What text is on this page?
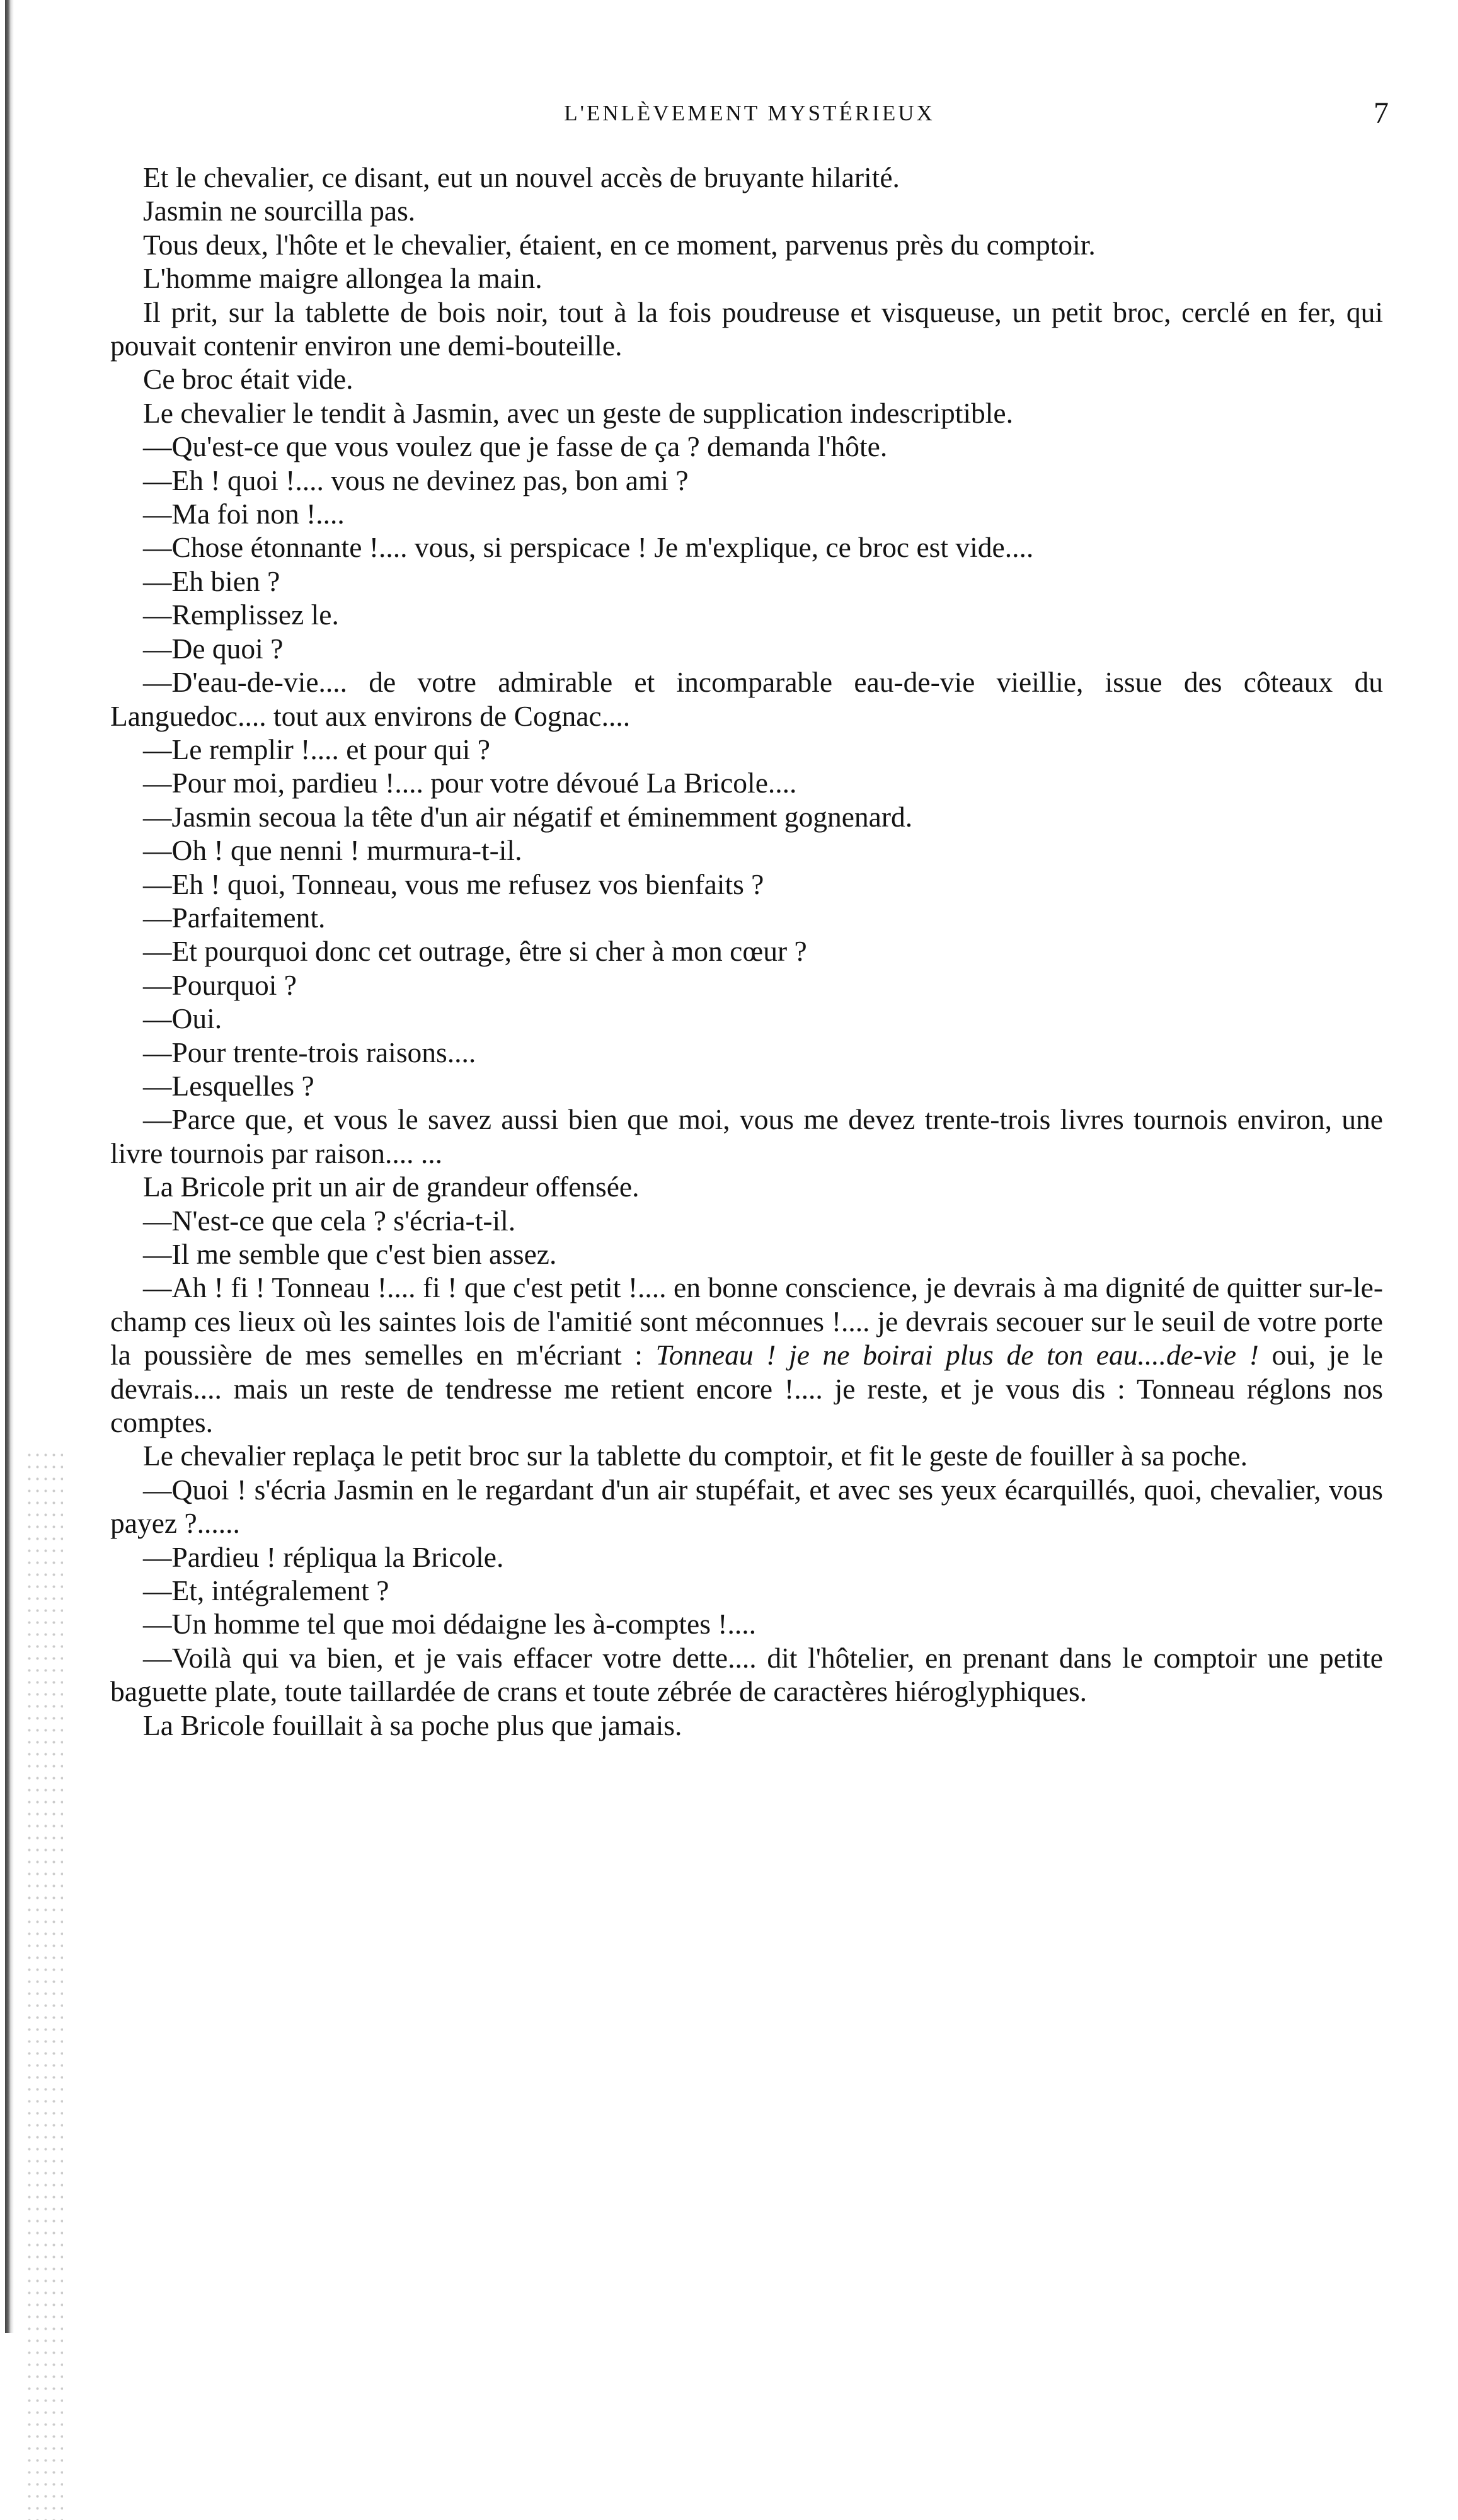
L'ENLÈVEMENT MYSTÉRIEUX	7

Et le chevalier, ce disant, eut un nouvel accès de bruyante hilarité.

Jasmin ne sourcilla pas.

Tous deux, l'hôte et le chevalier, étaient, en ce moment, parvenus près du comptoir.

L'homme maigre allongea la main.

Il prit, sur la tablette de bois noir, tout à la fois poudreuse et visqueuse, un petit broc, cerclé en fer, qui pouvait contenir environ une demi-bouteille.

Ce broc était vide.

Le chevalier le tendit à Jasmin, avec un geste de supplication indescriptible.

—Qu'est-ce que vous voulez que je fasse de ça ? demanda l'hôte.

—Eh ! quoi !.... vous ne devinez pas, bon ami ?

—Ma foi non !....

—Chose étonnante !.... vous, si perspicace ! Je m'explique, ce broc est vide....

—Eh bien ?

—Remplissez le.

—De quoi ?

—D'eau-de-vie.... de votre admirable et incomparable eau-de-vie vieillie, issue des côteaux du Languedoc.... tout aux environs de Cognac....

—Le remplir !.... et pour qui ?

—Pour moi, pardieu !.... pour votre dévoué La Bricole....

—Jasmin secoua la tête d'un air négatif et éminemment gognenard.

—Oh ! que nenni ! murmura-t-il.

—Eh ! quoi, Tonneau, vous me refusez vos bienfaits ?

—Parfaitement.

—Et pourquoi donc cet outrage, être si cher à mon cœur ?

—Pourquoi ?

—Oui.

—Pour trente-trois raisons....

—Lesquelles ?

—Parce que, et vous le savez aussi bien que moi, vous me devez trente-trois livres tournois environ, une livre tournois par raison.... ...

La Bricole prit un air de grandeur offensée.

—N'est-ce que cela ? s'écria-t-il.

—Il me semble que c'est bien assez.

—Ah ! fi ! Tonneau !.... fi ! que c'est petit !.... en bonne conscience, je devrais à ma dignité de quitter sur-le-champ ces lieux où les saintes lois de l'amitié sont méconnues !.... je devrais secouer sur le seuil de votre porte la poussière de mes semelles en m'écriant : Tonneau ! je ne boirai plus de ton eau....de-vie ! oui, je le devrais.... mais un reste de tendresse me retient encore !.... je reste, et je vous dis : Tonneau réglons nos comptes.

Le chevalier replaça le petit broc sur la tablette du comptoir, et fit le geste de fouiller à sa poche.

—Quoi ! s'écria Jasmin en le regardant d'un air stupéfait, et avec ses yeux écarquillés, quoi, chevalier, vous payez ?......

—Pardieu ! répliqua la Bricole.

—Et, intégralement ?

—Un homme tel que moi dédaigne les à-comptes !....

—Voilà qui va bien, et je vais effacer votre dette.... dit l'hôtelier, en prenant dans le comptoir une petite baguette plate, toute taillardée de crans et toute zébrée de caractères hiéroglyphiques.

La Bricole fouillait à sa poche plus que jamais.
